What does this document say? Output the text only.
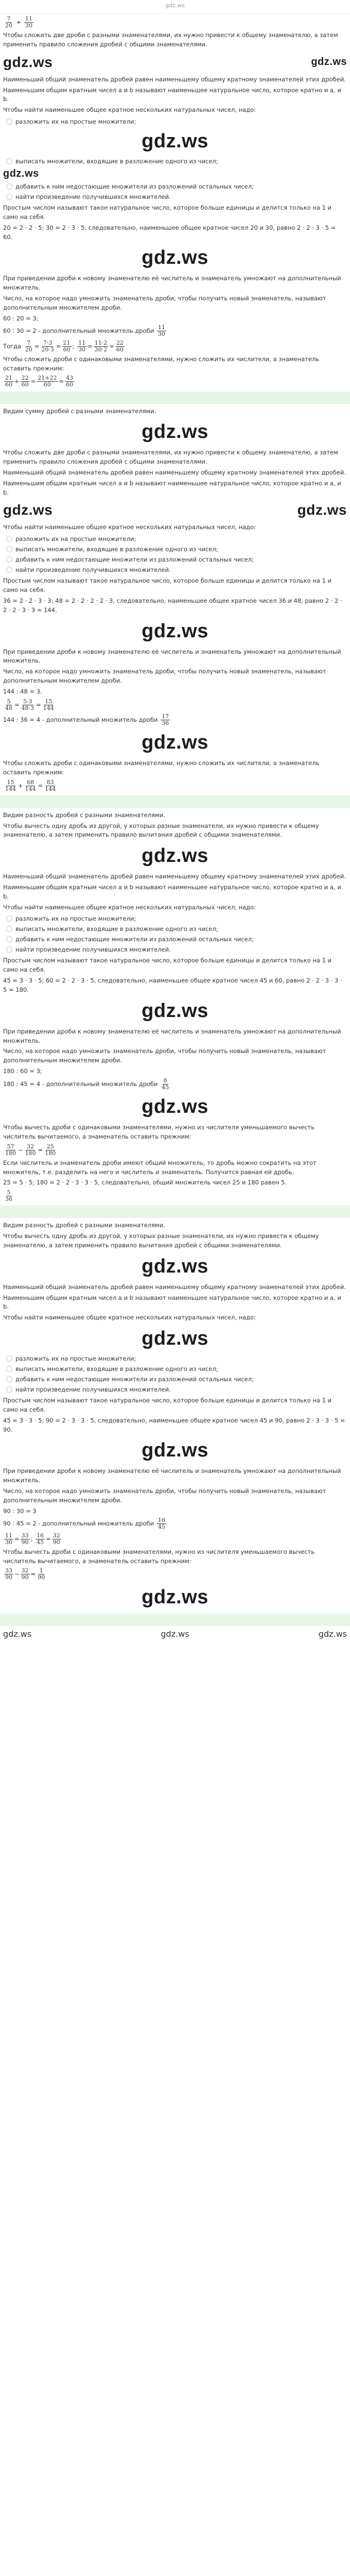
gdz.ws
$\frac{7}{20} + \frac{11}{30}$

Чтобы сложить две дроби с разными знаменателями, их нужно привести к общему знаменателю, а затем применить правило сложения дробей с общими знаменателями.

gdz.ws	gdz.ws

Наименьший общий знаменатель дробей равен наименьшему общему кратному знаменателей этих дробей.

Наименьшим общим кратным чисел a и b называют наименьшее натуральное число, которое кратно и a, и b.

Чтобы найти наименьшее общее кратное нескольких натуральных чисел, надо:

разложить их на простые множители;
gdz.ws
выписать множители, входящие в разложение одного из чисел;
gdz.ws
добавить к ним недостающие множители из разложений остальных чисел;
найти произведение получившихся множителей.

Простым числом называют такое натуральное число, которое больше единицы и делится только на 1 и само на себя.

20 = 2 · 2 · 5; 30 = 2 · 3 · 5, следовательно, наименьшее общее кратное чисел 20 и 30, равно 2 · 2 · 3 · 5 = 60.

gdz.ws

При приведении дроби к новому знаменателю её числитель и знаменатель умножают на дополнительный множитель.

Число, на которое надо умножить знаменатель дроби, чтобы получить новый знаменатель, называют дополнительным множителем дроби.

60 : 20 = 3;

60 : 30 = 2 - дополнительный множитель дроби $\frac{11}{30}$

Тогда $\frac{7}{20} = \frac{7\cdot 3}{20\cdot 3} = \frac{21}{60}$ ; $\frac{11}{30} = \frac{11\cdot 2}{30\cdot 2} = \frac{22}{60}$

Чтобы сложить дроби с одинаковыми знаменателями, нужно сложить их числители, а знаменатель оставить прежним:

$\frac{21}{60} + \frac{22}{60} = \frac{21+22}{60} = \frac{43}{60}$

Видим сумму дробей с разными знаменателями.

gdz.ws

Чтобы сложить две дроби с разными знаменателями, их нужно привести к общему знаменателю, а затем применить правило сложения дробей с общими знаменателями.

Наименьший общий знаменатель дробей равен наименьшему общему кратному знаменателей этих дробей.

Наименьшим общим кратным чисел a и b называют наименьшее натуральное число, которое кратно и a, и b.

gdz.ws	gdz.ws

Чтобы найти наименьшее общее кратное нескольких натуральных чисел, надо:

разложить их на простые множители;
выписать множители, входящие в разложение одного из чисел;
добавить к ним недостающие множители из разложений остальных чисел;
найти произведение получившихся множителей.

Простым числом называют такое натуральное число, которое больше единицы и делится только на 1 и само на себя.

36 = 2 · 2 · 3 · 3; 48 = 2 · 2 · 2 · 2 · 3, следовательно, наименьшее общее кратное чисел 36 и 48, равно 2 · 2 · 2 · 2 · 3 · 3 = 144.

gdz.ws

При приведении дроби к новому знаменателю её числитель и знаменатель умножают на дополнительный множитель.

Число, на которое надо умножить знаменатель дроби, чтобы получить новый знаменатель, называют дополнительным множителем дроби.

144 : 48 = 3.

$\frac{5}{48} = \frac{5\cdot 3}{48\cdot 3} = \frac{15}{144}$

144 : 36 = 4 - дополнительный множитель дроби $\frac{17}{36}$

gdz.ws

Чтобы сложить дроби с одинаковыми знаменателями, нужно сложить их числители, а знаменатель оставить прежним:

$\frac{15}{144} + \frac{68}{144} = \frac{83}{144}$

Видим разность дробей с разными знаменателями.

Чтобы вычесть одну дробь из другой, у которых разные знаменатели, их нужно привести к общему знаменателю, а затем применить правило вычитания дробей с общими знаменателями.

gdz.ws

Наименьший общий знаменатель дробей равен наименьшему общему кратному знаменателей этих дробей.

Наименьшим общим кратным чисел a и b называют наименьшее натуральное число, которое кратно и a, и b.

Чтобы найти наименьшее общее кратное нескольких натуральных чисел, надо:

разложить их на простые множители;
выписать множители, входящие в разложение одного из чисел;
добавить к ним недостающие множители из разложений остальных чисел;
найти произведение получившихся множителей.

Простым числом называют такое натуральное число, которое больше единицы и делится только на 1 и само на себя.

45 = 3 · 3 · 5; 60 = 2 · 2 · 3 · 5, следовательно, наименьшее общее кратное чисел 45 и 60, равно 2 · 2 · 3 · 3 · 5 = 180.

gdz.ws

При приведении дроби к новому знаменателю её числитель и знаменатель умножают на дополнительный множитель.

Число, на которое надо умножить знаменатель дроби, чтобы получить новый знаменатель, называют дополнительным множителем дроби.

180 : 60 = 3;

180 : 45 = 4 - дополнительный множитель дроби $\frac{8}{45}$

gdz.ws

Чтобы вычесть дроби с одинаковыми знаменателями, нужно из числителя уменьшаемого вычесть числитель вычитаемого, а знаменатель оставить прежним:

$\frac{57}{180} - \frac{32}{180} = \frac{25}{180}$

Если числитель и знаменатель дроби имеют общий множитель, то дробь можно сократить на этот множитель, т.е. разделить на него и числитель и знаменатель. Получится равная ей дробь.

25 = 5 · 5; 180 = 2 · 2 · 3 · 3 · 5, следовательно, общий множитель чисел 25 и 180 равен 5.

$\frac{5}{36}$

Видим разность дробей с разными знаменателями.

Чтобы вычесть одну дробь из другой, у которых разные знаменатели, их нужно привести к общему знаменателю, а затем применить правило вычитания дробей с общими знаменателями.

gdz.ws

Наименьший общий знаменатель дробей равен наименьшему общему кратному знаменателей этих дробей.

Наименьшим общим кратным чисел a и b называют наименьшее натуральное число, которое кратно и a, и b.

Чтобы найти наименьшее общее кратное нескольких натуральных чисел, надо:

gdz.ws
разложить их на простые множители;
выписать множители, входящие в разложение одного из чисел;
добавить к ним недостающие множители из разложений остальных чисел;
найти произведение получившихся множителей.

Простым числом называют такое натуральное число, которое больше единицы и делится только на 1 и само на себя.

45 = 3 · 3 · 5; 90 = 2 · 3 · 3 · 5, следовательно, наименьшее общее кратное чисел 45 и 90, равно 2 · 3 · 3 · 5 = 90.

gdz.ws

При приведении дроби к новому знаменателю её числитель и знаменатель умножают на дополнительный множитель.

Число, на которое надо умножить знаменатель дроби, чтобы получить новый знаменатель, называют дополнительным множителем дроби.

90 : 30 = 3

90 : 45 = 2 - дополнительный множитель дроби $\frac{16}{45}$

$\frac{11}{30} = \frac{33}{90}$ ; $\frac{16}{45} = \frac{32}{90}$

Чтобы вычесть дроби с одинаковыми знаменателями, нужно из числителя уменьшаемого вычесть числитель вычитаемого, а знаменатель оставить прежним:

$\frac{33}{90} - \frac{32}{90} = \frac{1}{90}$
gdz.ws
gdz.ws	gdz.ws	gdz.ws
